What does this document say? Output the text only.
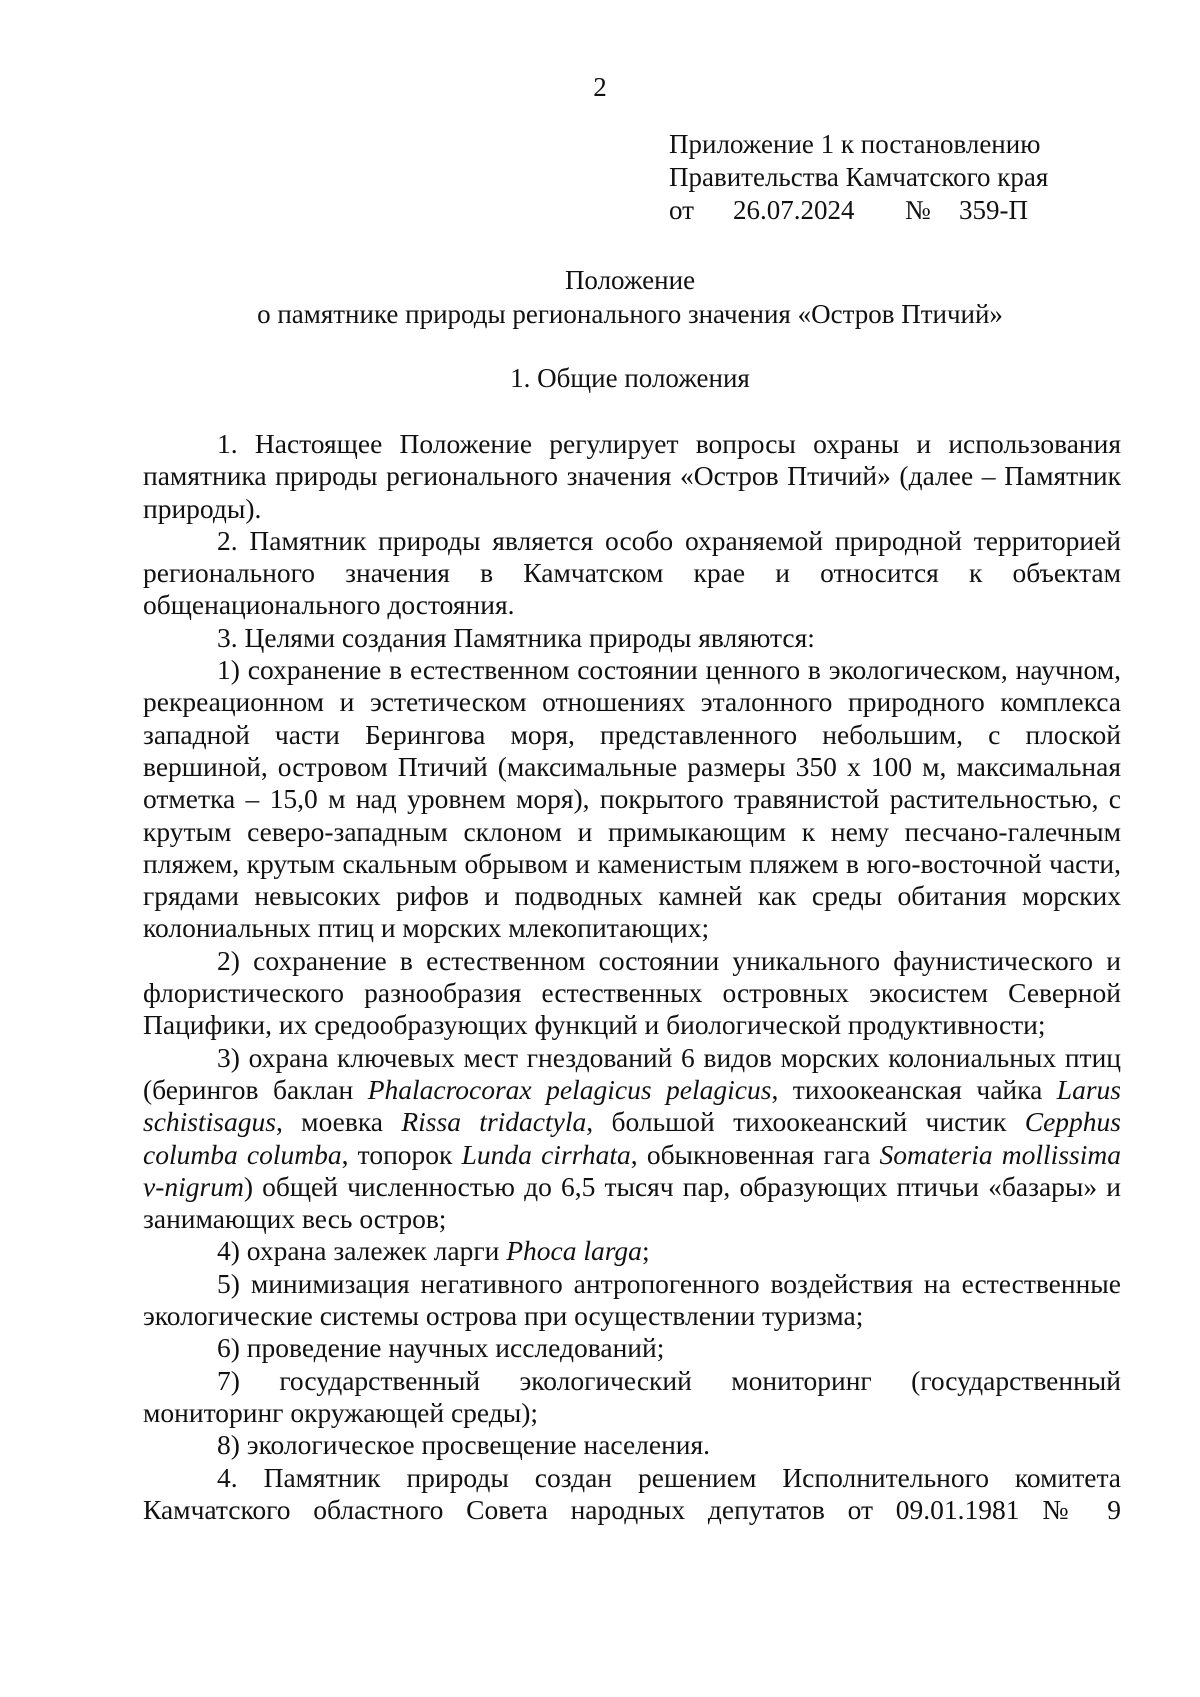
2
Приложение 1 к постановлению
Правительства Камчатского края
от 26.07.2024 № 359-П
Положение
о памятнике природы регионального значения «Остров Птичий»
1. Общие положения

1. Настоящее Положение регулирует вопросы охраны и использования памятника природы регионального значения «Остров Птичий» (далее – Памятник природы).

2. Памятник природы является особо охраняемой природной территорией регионального значения в Камчатском крае и относится к объектам общенационального достояния.

3. Целями создания Памятника природы являются:

1) сохранение в естественном состоянии ценного в экологическом, научном, рекреационном и эстетическом отношениях эталонного природного комплекса западной части Берингова моря, представленного небольшим, с плоской вершиной, островом Птичий (максимальные размеры 350 х 100 м, максимальная отметка – 15,0 м над уровнем моря), покрытого травянистой растительностью, с крутым северо-западным склоном и примыкающим к нему песчано-галечным пляжем, крутым скальным обрывом и каменистым пляжем в юго-восточной части, грядами невысоких рифов и подводных камней как среды обитания морских колониальных птиц и морских млекопитающих;

2) сохранение в естественном состоянии уникального фаунистического и флористического разнообразия естественных островных экосистем Северной Пацифики, их средообразующих функций и биологической продуктивности;

3) охрана ключевых мест гнездований 6 видов морских колониальных птиц (берингов баклан Phalacrocorax pelagicus pelagicus, тихоокеанская чайка Larus schistisagus, моевка Rissa tridactyla, большой тихоокеанский чистик Cepphus columba columba, топорок Lunda cirrhata, обыкновенная гага Somateria mollissima v-nigrum) общей численностью до 6,5 тысяч пар, образующих птичьи «базары» и занимающих весь остров;

4) охрана залежек ларги Phoca larga;

5) минимизация негативного антропогенного воздействия на естественные экологические системы острова при осуществлении туризма;

6) проведение научных исследований;

7) государственный экологический мониторинг (государственный мониторинг окружающей среды);

8) экологическое просвещение населения.

4. Памятник природы создан решением Исполнительного комитета Камчатского областного Совета народных депутатов от 09.01.1981 № 9
